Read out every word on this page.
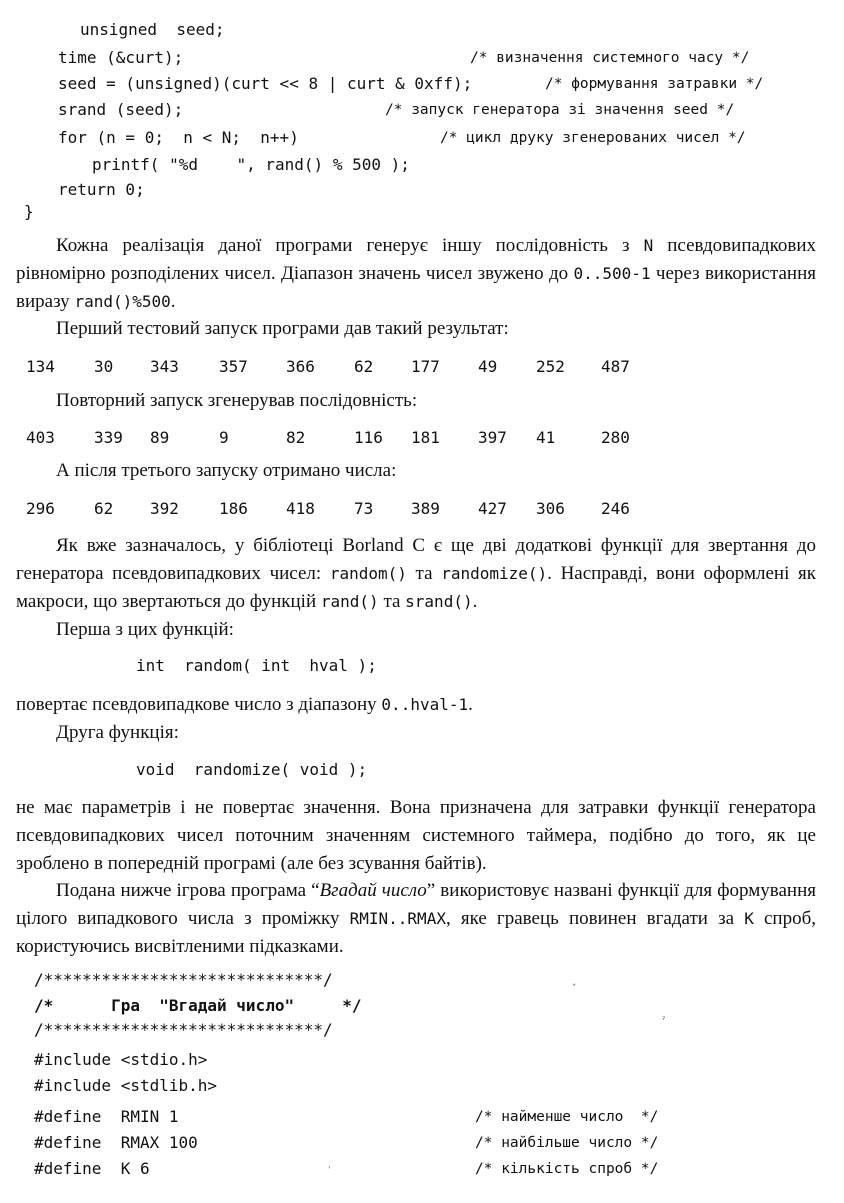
unsigned  seed;
time (&curt);	/* визначення системного часу */
seed = (unsigned)(curt << 8 | curt & 0xff);	/* формування затравки */
srand (seed);	/* запуск генератора зі значення seed */
for (n = 0;  n < N;  n++)	/* цикл друку згенерованих чисел */
printf( "%d    ", rand() % 500 );
return 0;
}
Кожна реалізація даної програми генерує іншу послідовність з N псевдовипадкових рівномірно розподілених чисел. Діапазон значень чисел звужено до 0..500-1 через використання виразу rand()%500.
Перший тестовий запуск програми дав такий результат:
134 30 343	357 366 62 177 49 252 487
Повторний запуск згенерував послідовність:
403 339 89	9	82	116 181 397 41	280
А після третього запуску отримано числа:
296 62 392	186 418 73 389 427 306 246
Як вже зазначалось, у бібліотеці Borland C є ще дві додаткові функції для звертання до генератора псевдовипадкових чисел: random() та randomize(). Насправді, вони оформлені як макроси, що звертаються до функцій rand() та srand().
Перша з цих функцій:
int  random( int  hval );
повертає псевдовипадкове число з діапазону 0..hval-1.
Друга функція:
void  randomize( void );
не має параметрів і не повертає значення. Вона призначена для затравки функції генератора псевдовипадкових чисел поточним значенням системного таймера, подібно до того, як це зроблено в попередній програмі (але без зсування байтів).
Подана нижче ігрова програма “Вгадай число” використовує названі функції для формування цілого випадкового числа з проміжку RMIN..RMAX, яке гравець повинен вгадати за K спроб, користуючись висвітленими підказками.
/*****************************/
/*      Гра  "Вгадай число"     */
/*****************************/
#include <stdio.h>
#include <stdlib.h>
#define  RMIN 1	/* найменше число  */
#define  RMAX 100	/* найбільше число */
#define  K 6	/* кількість спроб */
ˇ
ˀ
ˌ
